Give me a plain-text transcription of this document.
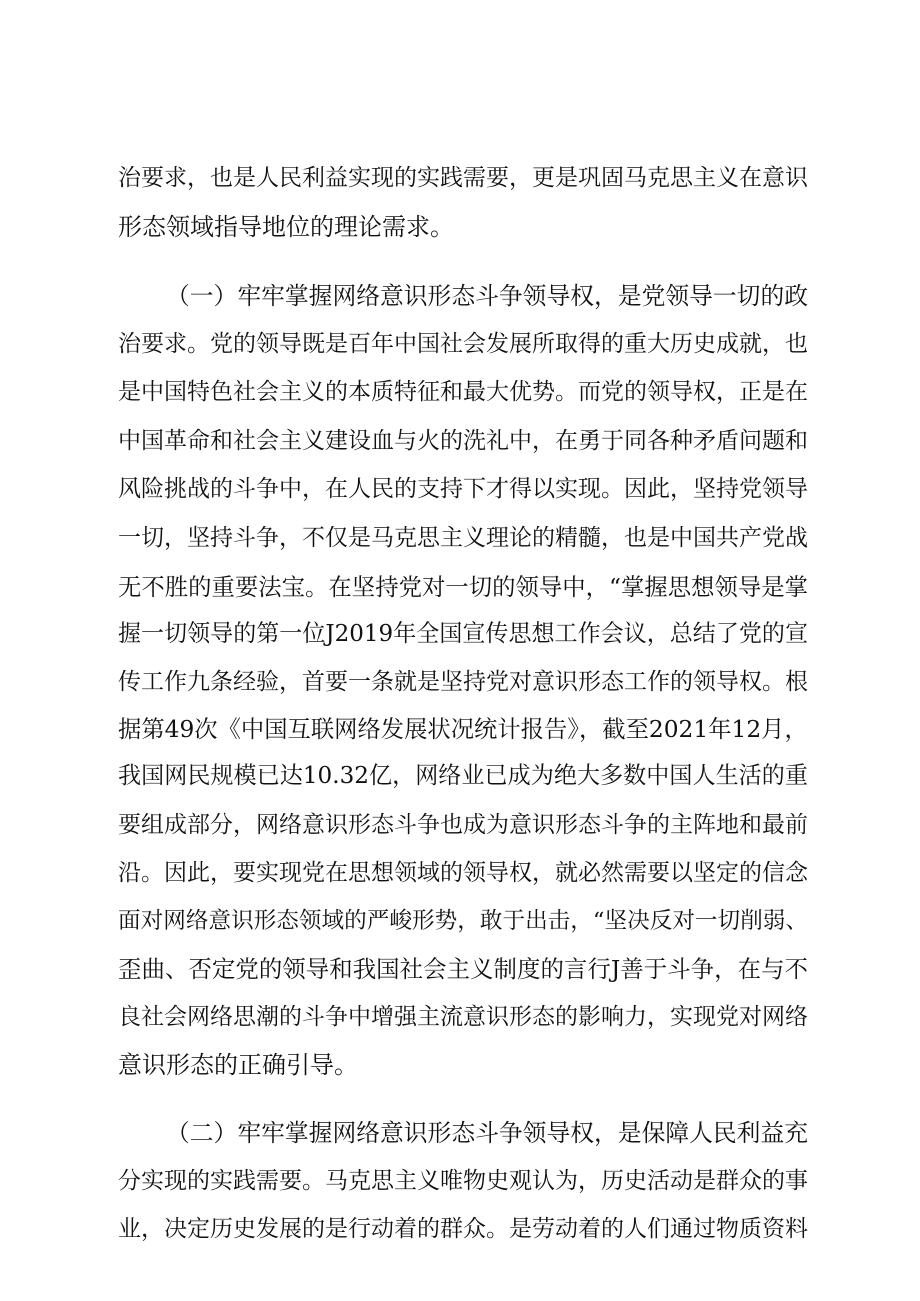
治要求，也是人民利益实现的实践需要，更是巩固马克思主义在意识
形态领域指导地位的理论需求。
（一）牢牢掌握网络意识形态斗争领导权，是党领导一切的政
治要求。党的领导既是百年中国社会发展所取得的重大历史成就，也
是中国特色社会主义的本质特征和最大优势。而党的领导权，正是在
中国革命和社会主义建设血与火的洗礼中，在勇于同各种矛盾问题和
风险挑战的斗争中，在人民的支持下才得以实现。因此，坚持党领导
一切，坚持斗争，不仅是马克思主义理论的精髓，也是中国共产党战
无不胜的重要法宝。在坚持党对一切的领导中，“掌握思想领导是掌
握一切领导的第一位J2019年全国宣传思想工作会议，总结了党的宣
传工作九条经验，首要一条就是坚持党对意识形态工作的领导权。根
据第49次《中国互联网络发展状况统计报告》，截至2021年12月，
我国网民规模已达10.32亿，网络业已成为绝大多数中国人生活的重
要组成部分，网络意识形态斗争也成为意识形态斗争的主阵地和最前
沿。因此，要实现党在思想领域的领导权，就必然需要以坚定的信念
面对网络意识形态领域的严峻形势，敢于出击，“坚决反对一切削弱、
歪曲、否定党的领导和我国社会主义制度的言行J善于斗争，在与不
良社会网络思潮的斗争中增强主流意识形态的影响力，实现党对网络
意识形态的正确引导。
（二）牢牢掌握网络意识形态斗争领导权，是保障人民利益充
分实现的实践需要。马克思主义唯物史观认为，历史活动是群众的事
业，决定历史发展的是行动着的群众。是劳动着的人们通过物质资料
